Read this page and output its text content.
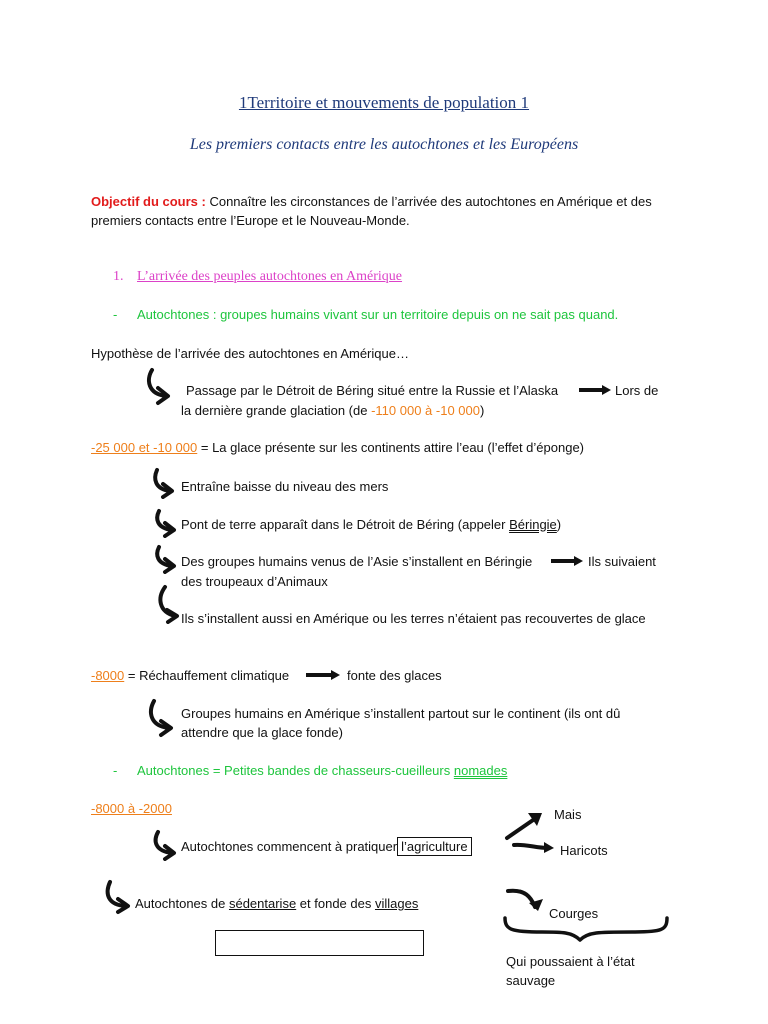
1Territoire et mouvements de population 1
Les premiers contacts entre les autochtones et les Européens
Objectif du cours : Connaître les circonstances de l’arrivée des autochtones en Amérique et des
premiers contacts entre l’Europe et le Nouveau-Monde.
1. L’arrivée des peuples autochtones en Amérique
- Autochtones : groupes humains vivant sur un territoire depuis on ne sait pas quand.
Hypothèse de l’arrivée des autochtones en Amérique…
Passage par le Détroit de Béring situé entre la Russie et l’Alaska	Lors de
la dernière grande glaciation (de -110 000 à -10 000)
-25 000 et -10 000 = La glace présente sur les continents attire l’eau (l’effet d’éponge)
Entraîne baisse du niveau des mers
Pont de terre apparaît dans le Détroit de Béring (appeler Béringie)
Des groupes humains venus de l’Asie s’installent en Béringie	Ils suivaient
des troupeaux d’Animaux
Ils s’installent aussi en Amérique ou les terres n’étaient pas recouvertes de glace
-8000 = Réchauffement climatique	fonte des glaces
Groupes humains en Amérique s’installent partout sur le continent (ils ont dû
attendre que la glace fonde)
- Autochtones = Petites bandes de chasseurs-cueilleurs nomades
-8000 à -2000
Autochtones commencent à pratiquer l’agriculture
Mais
Haricots
Courges
Qui poussaient à l’état
sauvage
Autochtones de sédentarise et fonde des villages
